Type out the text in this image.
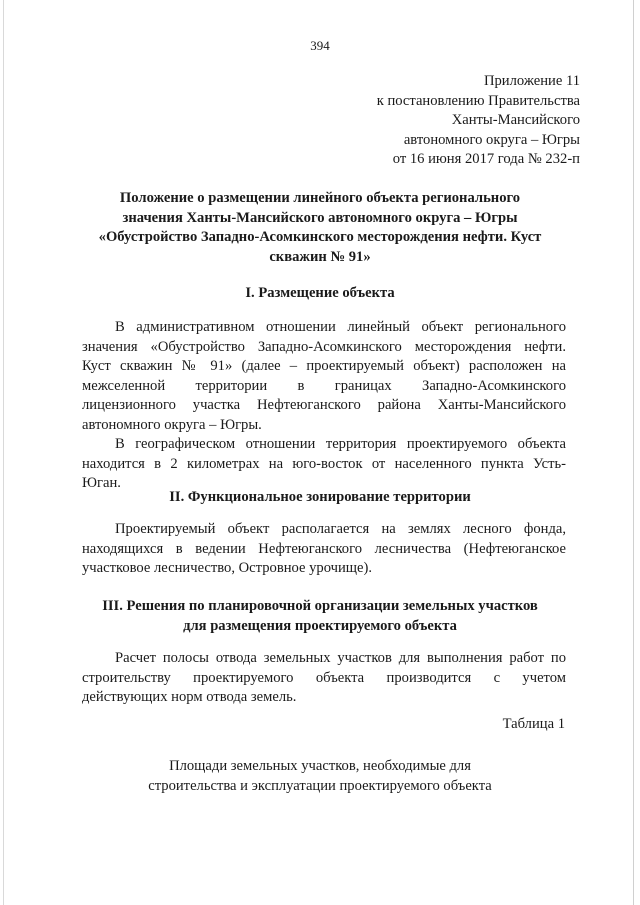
394
Приложение 11
к постановлению Правительства
Ханты-Мансийского
автономного округа – Югры
от 16 июня 2017 года № 232-п
Положение о размещении линейного объекта регионального
значения Ханты-Мансийского автономного округа – Югры
«Обустройство Западно-Асомкинского месторождения нефти. Куст
скважин № 91»
I. Размещение объекта
В административном отношении линейный объект регионального
значения «Обустройство Западно-Асомкинского месторождения нефти.
Куст скважин № 91» (далее – проектируемый объект) расположен на
межселенной территории в границах Западно-Асомкинского
лицензионного участка Нефтеюганского района Ханты-Мансийского
автономного округа – Югры.
В географическом отношении территория проектируемого объекта
находится в 2 километрах на юго-восток от населенного пункта Усть-
Юган.
II. Функциональное зонирование территории
Проектируемый объект располагается на землях лесного фонда,
находящихся в ведении Нефтеюганского лесничества (Нефтеюганское
участковое лесничество, Островное урочище).
III. Решения по планировочной организации земельных участков
для размещения проектируемого объекта
Расчет полосы отвода земельных участков для выполнения работ по
строительству проектируемого объекта производится с учетом
действующих норм отвода земель.
Таблица 1
Площади земельных участков, необходимые для
строительства и эксплуатации проектируемого объекта
